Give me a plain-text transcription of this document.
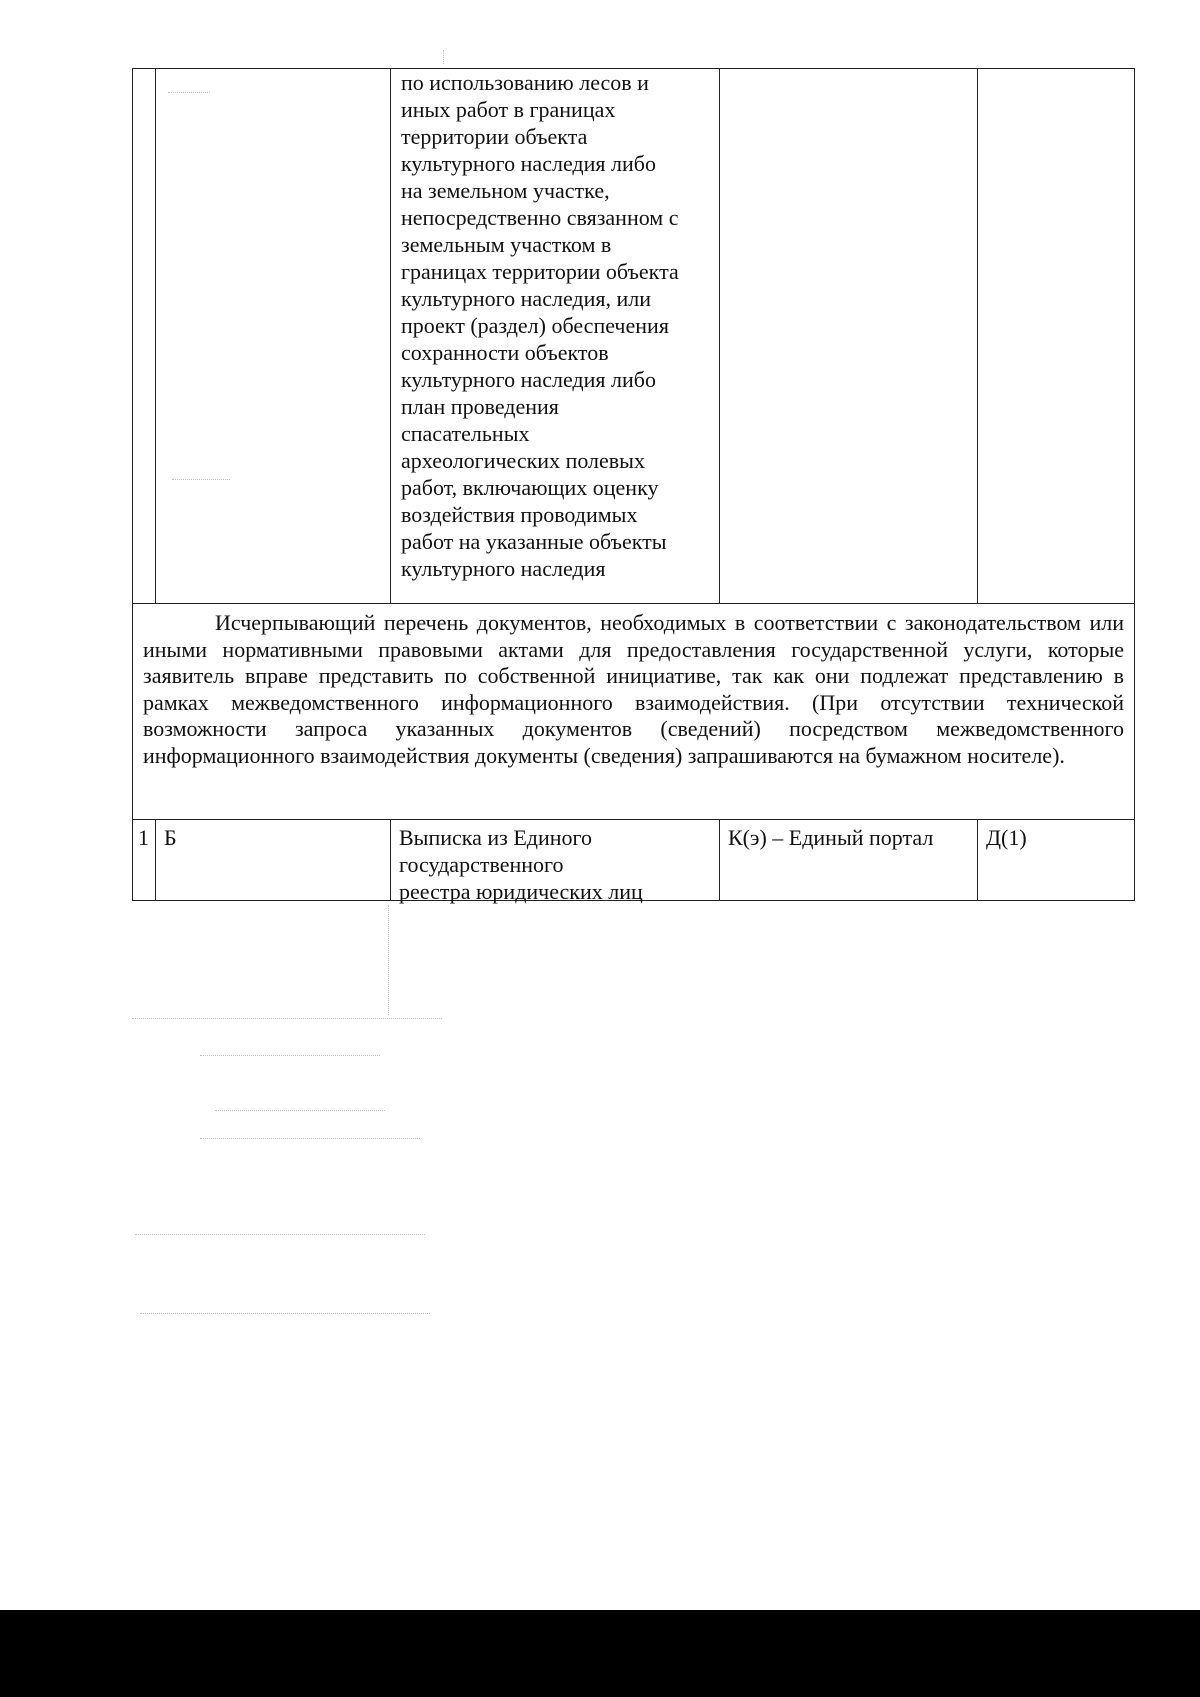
по использованию лесов и
иных работ в границах
территории объекта
культурного наследия либо
на земельном участке,
непосредственно связанном с
земельным участком в
границах территории объекта
культурного наследия, или
проект (раздел) обеспечения
сохранности объектов
культурного наследия либо
план проведения
спасательных
археологических полевых
работ, включающих оценку
воздействия проводимых
работ на указанные объекты
культурного наследия
Исчерпывающий перечень документов, необходимых в соответствии с законодательством или иными нормативными правовыми актами для предоставления государственной услуги, которые заявитель вправе представить по собственной инициативе, так как они подлежат представлению в рамках межведомственного информационного взаимодействия. (При отсутствии технической возможности запроса указанных документов (сведений) посредством межведомственного информационного взаимодействия документы (сведения) запрашиваются на бумажном носителе).
1 Б	Выписка из Единого
государственного
реестра юридических лиц
К(э) – Единый портал	Д(1)
